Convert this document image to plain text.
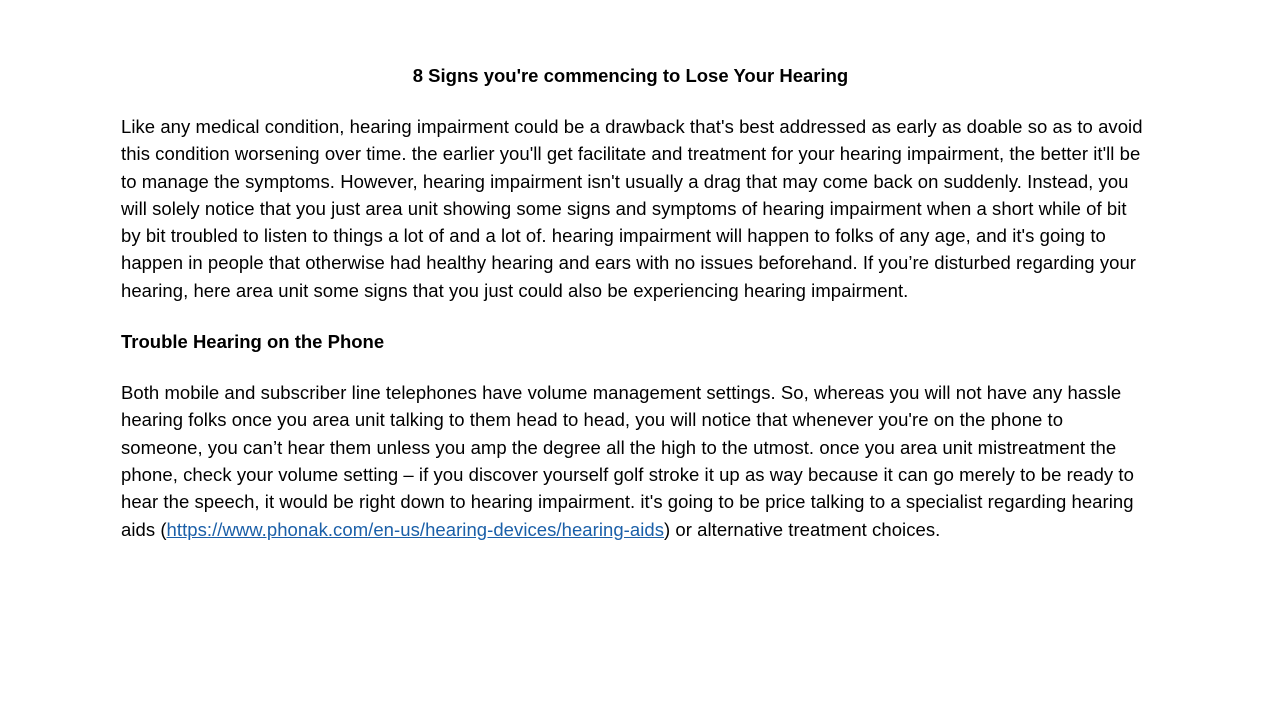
8 Signs you're commencing to Lose Your Hearing

Like any medical condition, hearing impairment could be a drawback that's best addressed as early as doable so as to avoid this condition worsening over time. the earlier you'll get facilitate and treatment for your hearing impairment, the better it'll be to manage the symptoms. However, hearing impairment isn't usually a drag that may come back on suddenly. Instead, you will solely notice that you just area unit showing some signs and symptoms of hearing impairment when a short while of bit by bit troubled to listen to things a lot of and a lot of. hearing impairment will happen to folks of any age, and it's going to happen in people that otherwise had healthy hearing and ears with no issues beforehand. If you’re disturbed regarding your hearing, here area unit some signs that you just could also be experiencing hearing impairment.

Trouble Hearing on the Phone

Both mobile and subscriber line telephones have volume management settings. So, whereas you will not have any hassle hearing folks once you area unit talking to them head to head, you will notice that whenever you're on the phone to someone, you can’t hear them unless you amp the degree all the high to the utmost. once you area unit mistreatment the phone, check your volume setting – if you discover yourself golf stroke it up as way because it can go merely to be ready to hear the speech, it would be right down to hearing impairment. it's going to be price talking to a specialist regarding hearing aids (https://www.phonak.com/en-us/hearing-devices/hearing-aids) or alternative treatment choices.
